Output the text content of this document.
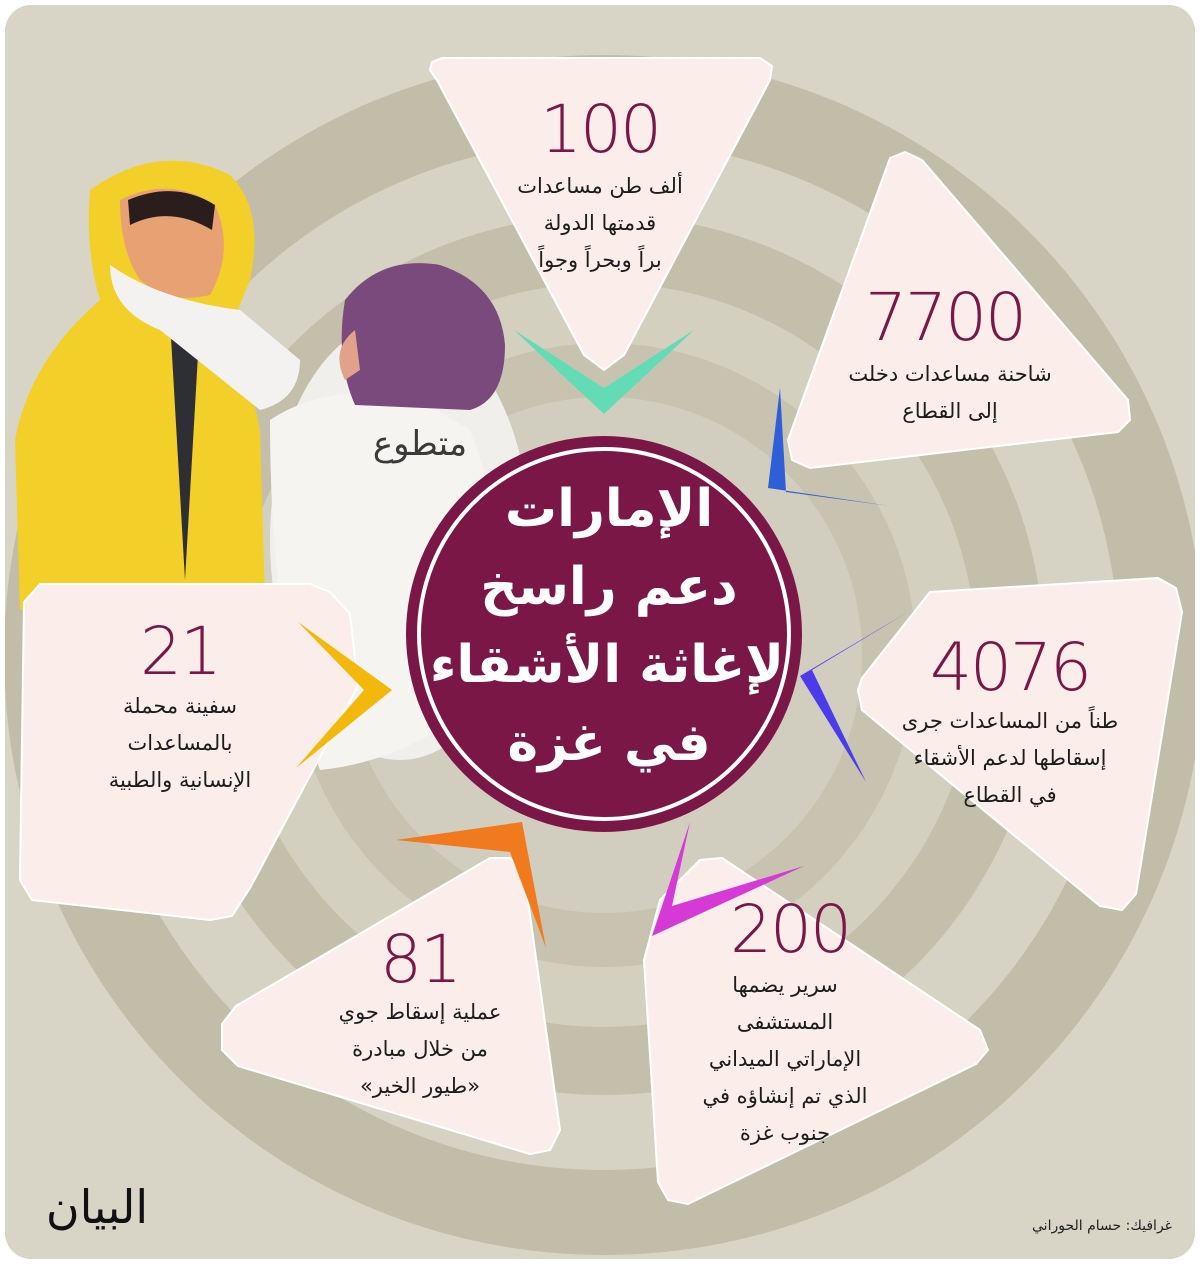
متطوع
الإمارات
دعم راسخ
لإغاثة الأشقاء
في غزة
100
ألف طن مساعدات
قدمتها الدولة
براً وبحراً وجواً
7700
شاحنة مساعدات دخلت
إلى القطاع
4076
طناً من المساعدات جرى
إسقاطها لدعم الأشقاء
في القطاع
200
سرير يضمها
المستشفى
الإماراتي الميداني
الذي تم إنشاؤه في
جنوب غزة
81
عملية إسقاط جوي
من خلال مبادرة
«طيور الخير»
21
سفينة محملة
بالمساعدات
الإنسانية والطبية
البيان	غرافيك: حسام الحوراني
